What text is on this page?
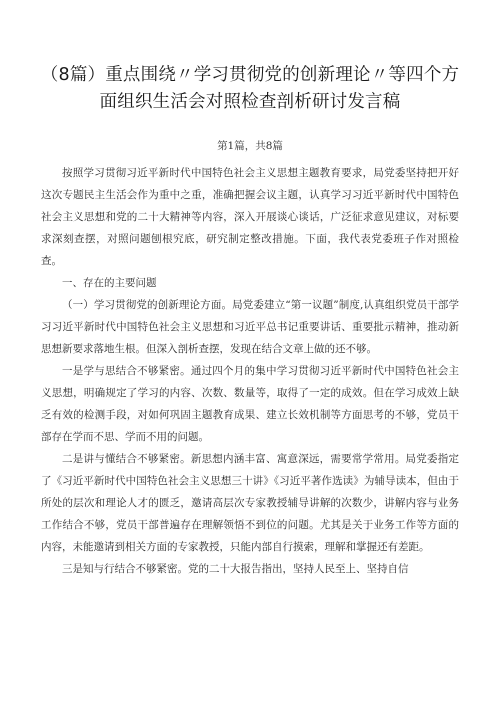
（8篇）重点围绕〃学习贯彻党的创新理论〃等四个方面组织生活会对照检查剖析研讨发言稿
第1篇，共8篇

按照学习贯彻习近平新时代中国特色社会主义思想主题教育要求，局党委坚持把开好这次专题民主生活会作为重中之重，准确把握会议主题，认真学习习近平新时代中国特色社会主义思想和党的二十大精神等内容，深入开展谈心谈话，广泛征求意见建议，对标要求深刻查摆，对照问题刨根究底，研究制定整改措施。下面，我代表党委班子作对照检查。

一、存在的主要问题

（一）学习贯彻党的创新理论方面。局党委建立“第一议题”制度,认真组织党员干部学习习近平新时代中国特色社会主义思想和习近平总书记重要讲话、重要批示精神，推动新思想新要求落地生根。但深入剖析查摆，发现在结合文章上做的还不够。

一是学与思结合不够紧密。通过四个月的集中学习贯彻习近平新时代中国特色社会主义思想，明确规定了学习的内容、次数、数量等，取得了一定的成效。但在学习成效上缺乏有效的检测手段，对如何巩固主题教育成果、建立长效机制等方面思考的不够，党员干部存在学而不思、学而不用的问题。

二是讲与懂结合不够紧密。新思想内涵丰富、寓意深远，需要常学常用。局党委指定了《习近平新时代中国特色社会主义思想三十讲》《习近平著作选读》为辅导读本，但由于所处的层次和理论人才的匮乏，邀请高层次专家教授辅导讲解的次数少，讲解内容与业务工作结合不够，党员干部普遍存在理解领悟不到位的问题。尤其是关于业务工作等方面的内容，未能邀请到相关方面的专家教授，只能内部自行摸索，理解和掌握还有差距。

三是知与行结合不够紧密。党的二十大报告指出，坚持人民至上、坚持自信
